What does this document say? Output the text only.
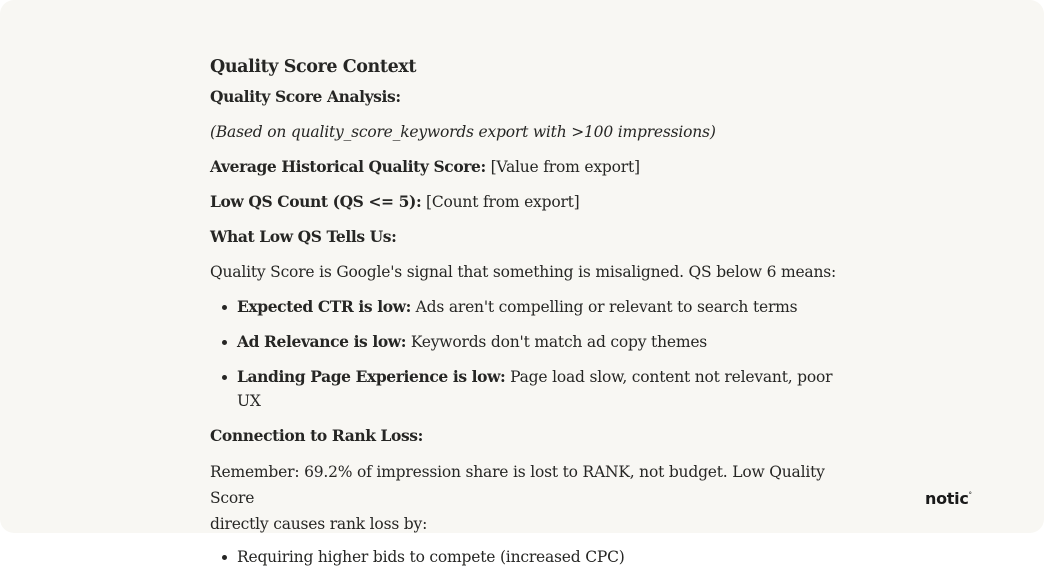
Quality Score Context

Quality Score Analysis:

(Based on quality_score_keywords export with >100 impressions)

Average Historical Quality Score: [Value from export]

Low QS Count (QS <= 5): [Count from export]

What Low QS Tells Us:

Quality Score is Google's signal that something is misaligned. QS below 6 means:

Expected CTR is low: Ads aren't compelling or relevant to search terms
Ad Relevance is low: Keywords don't match ad copy themes
Landing Page Experience is low: Page load slow, content not relevant, poor UX

Connection to Rank Loss:

Remember: 69.2% of impression share is lost to RANK, not budget. Low Quality Score
directly causes rank loss by:

Requiring higher bids to compete (increased CPC)
notic°
